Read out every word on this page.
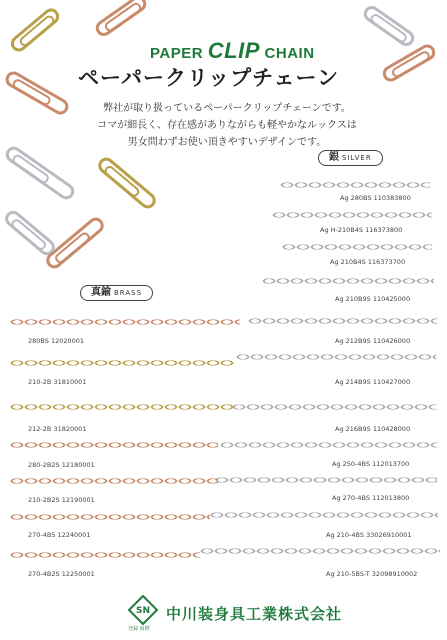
PAPER CLIP CHAIN
ペーパークリップチェーン
弊社が取り扱っているペーパークリップチェーンです。
コマが細長く、存在感がありながらも軽やかなルックスは
男女問わずお使い頂きやすいデザインです。
銀 SILVER
真鍮 BRASS
Ag 280BS 110383800
Ag H-210B4S 116373800
Ag 210B4S 116373700
Ag 210B9S 110425000
Ag 212B9S 110426000
Ag 214B9S 110427000
Ag 216B9S 110428000
Ag 250-4BS 112013700
Ag 270-4BS 112013800
Ag 210-4BS 33026910001
Ag 210-5BS-T 32098910002
280BS 12020001
210-2B 31810001
212-2B 31820001
280-2B2S 12180001
210-2B2S 12190001
270-4BS 12240001
270-4B2S 12250001
SN
登録 商標
中川装身具工業株式会社
